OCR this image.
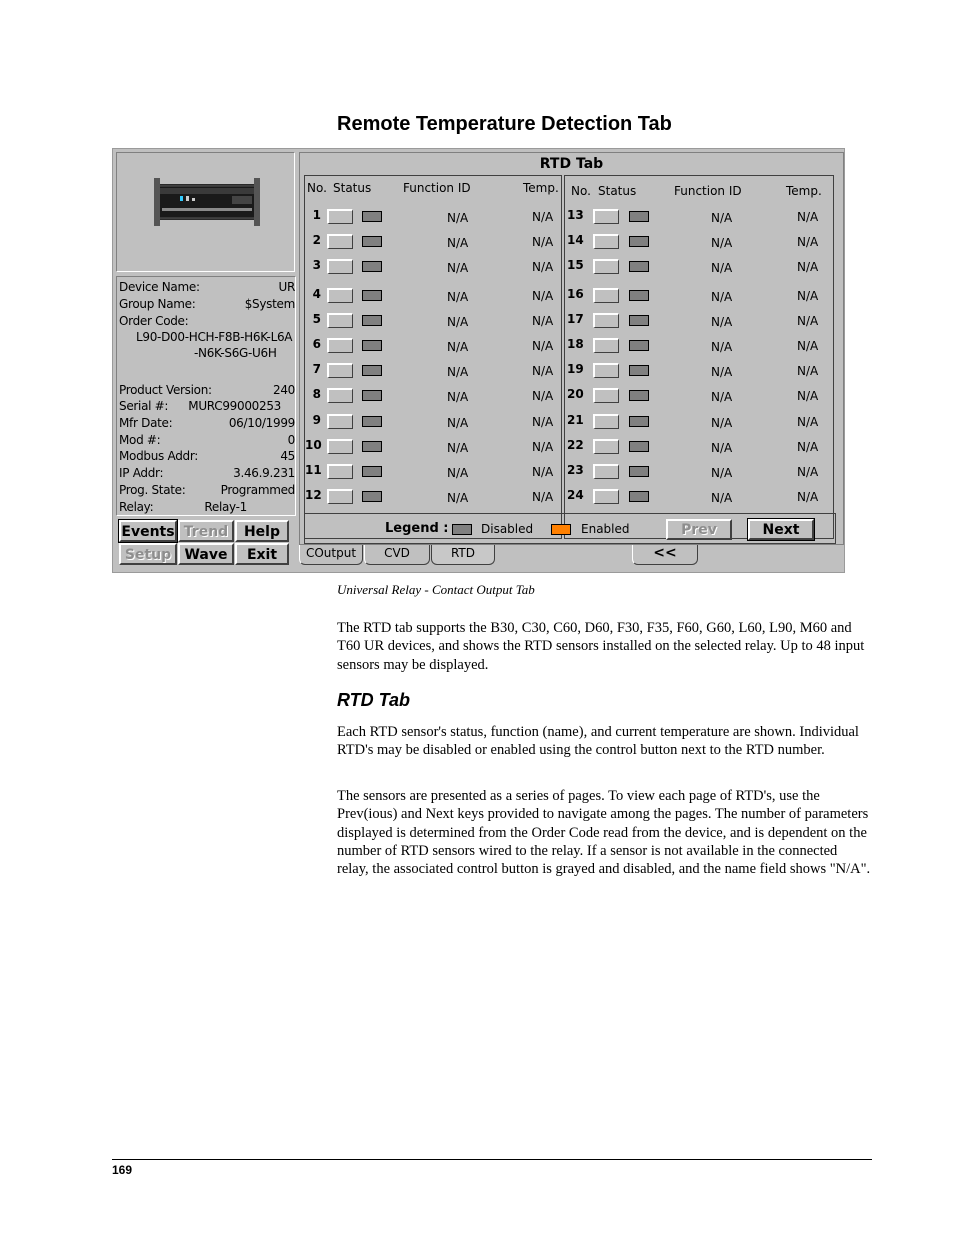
Remote Temperature Detection Tab
Device Name:	UR
Group Name:	$System
Order Code:
L90-D00-HCH-F8B-H6K-L6A
-N6K-S6G-U6H
Product Version:	240
Serial #: MURC99000253
Mfr Date:	06/10/1999
Mod #:	0
Modbus Addr:	45
IP Addr:	3.46.9.231
Prog. State:	Programmed
Relay:	Relay-1
Events Trend	Help
Setup Wave	Exit
RTD Tab
No. Status	Function ID	Temp.
1	N/A	N/A
2	N/A	N/A
3	N/A	N/A
4	N/A	N/A
5	N/A	N/A
6	N/A	N/A
7	N/A	N/A
8	N/A	N/A
9	N/A	N/A
10	N/A	N/A
11	N/A	N/A
12	N/A	N/A
No. Status	Function ID	Temp.
13	N/A	N/A
14	N/A	N/A
15	N/A	N/A
16	N/A	N/A
17	N/A	N/A
18	N/A	N/A
19	N/A	N/A
20	N/A	N/A
21	N/A	N/A
22	N/A	N/A
23	N/A	N/A
24	N/A	N/A
Legend :	Disabled	Enabled	Prev	Next
COutput	CVD	RTD	<<
Universal Relay - Contact Output Tab
The RTD tab supports the B30, C30, C60, D60, F30, F35, F60, G60, L60, L90, M60 and T60 UR devices, and shows the RTD sensors installed on the selected relay. Up to 48 input sensors may be displayed.
RTD Tab
Each RTD sensor's status, function (name), and current temperature are shown. Individual RTD's may be disabled or enabled using the control button next to the RTD number.
The sensors are presented as a series of pages. To view each page of RTD's, use the Prev(ious) and Next keys provided to navigate among the pages. The number of parameters displayed is determined from the Order Code read from the device, and is dependent on the number of RTD sensors wired to the relay. If a sensor is not available in the connected relay, the associated control button is grayed and disabled, and the name field shows "N/A".
169
